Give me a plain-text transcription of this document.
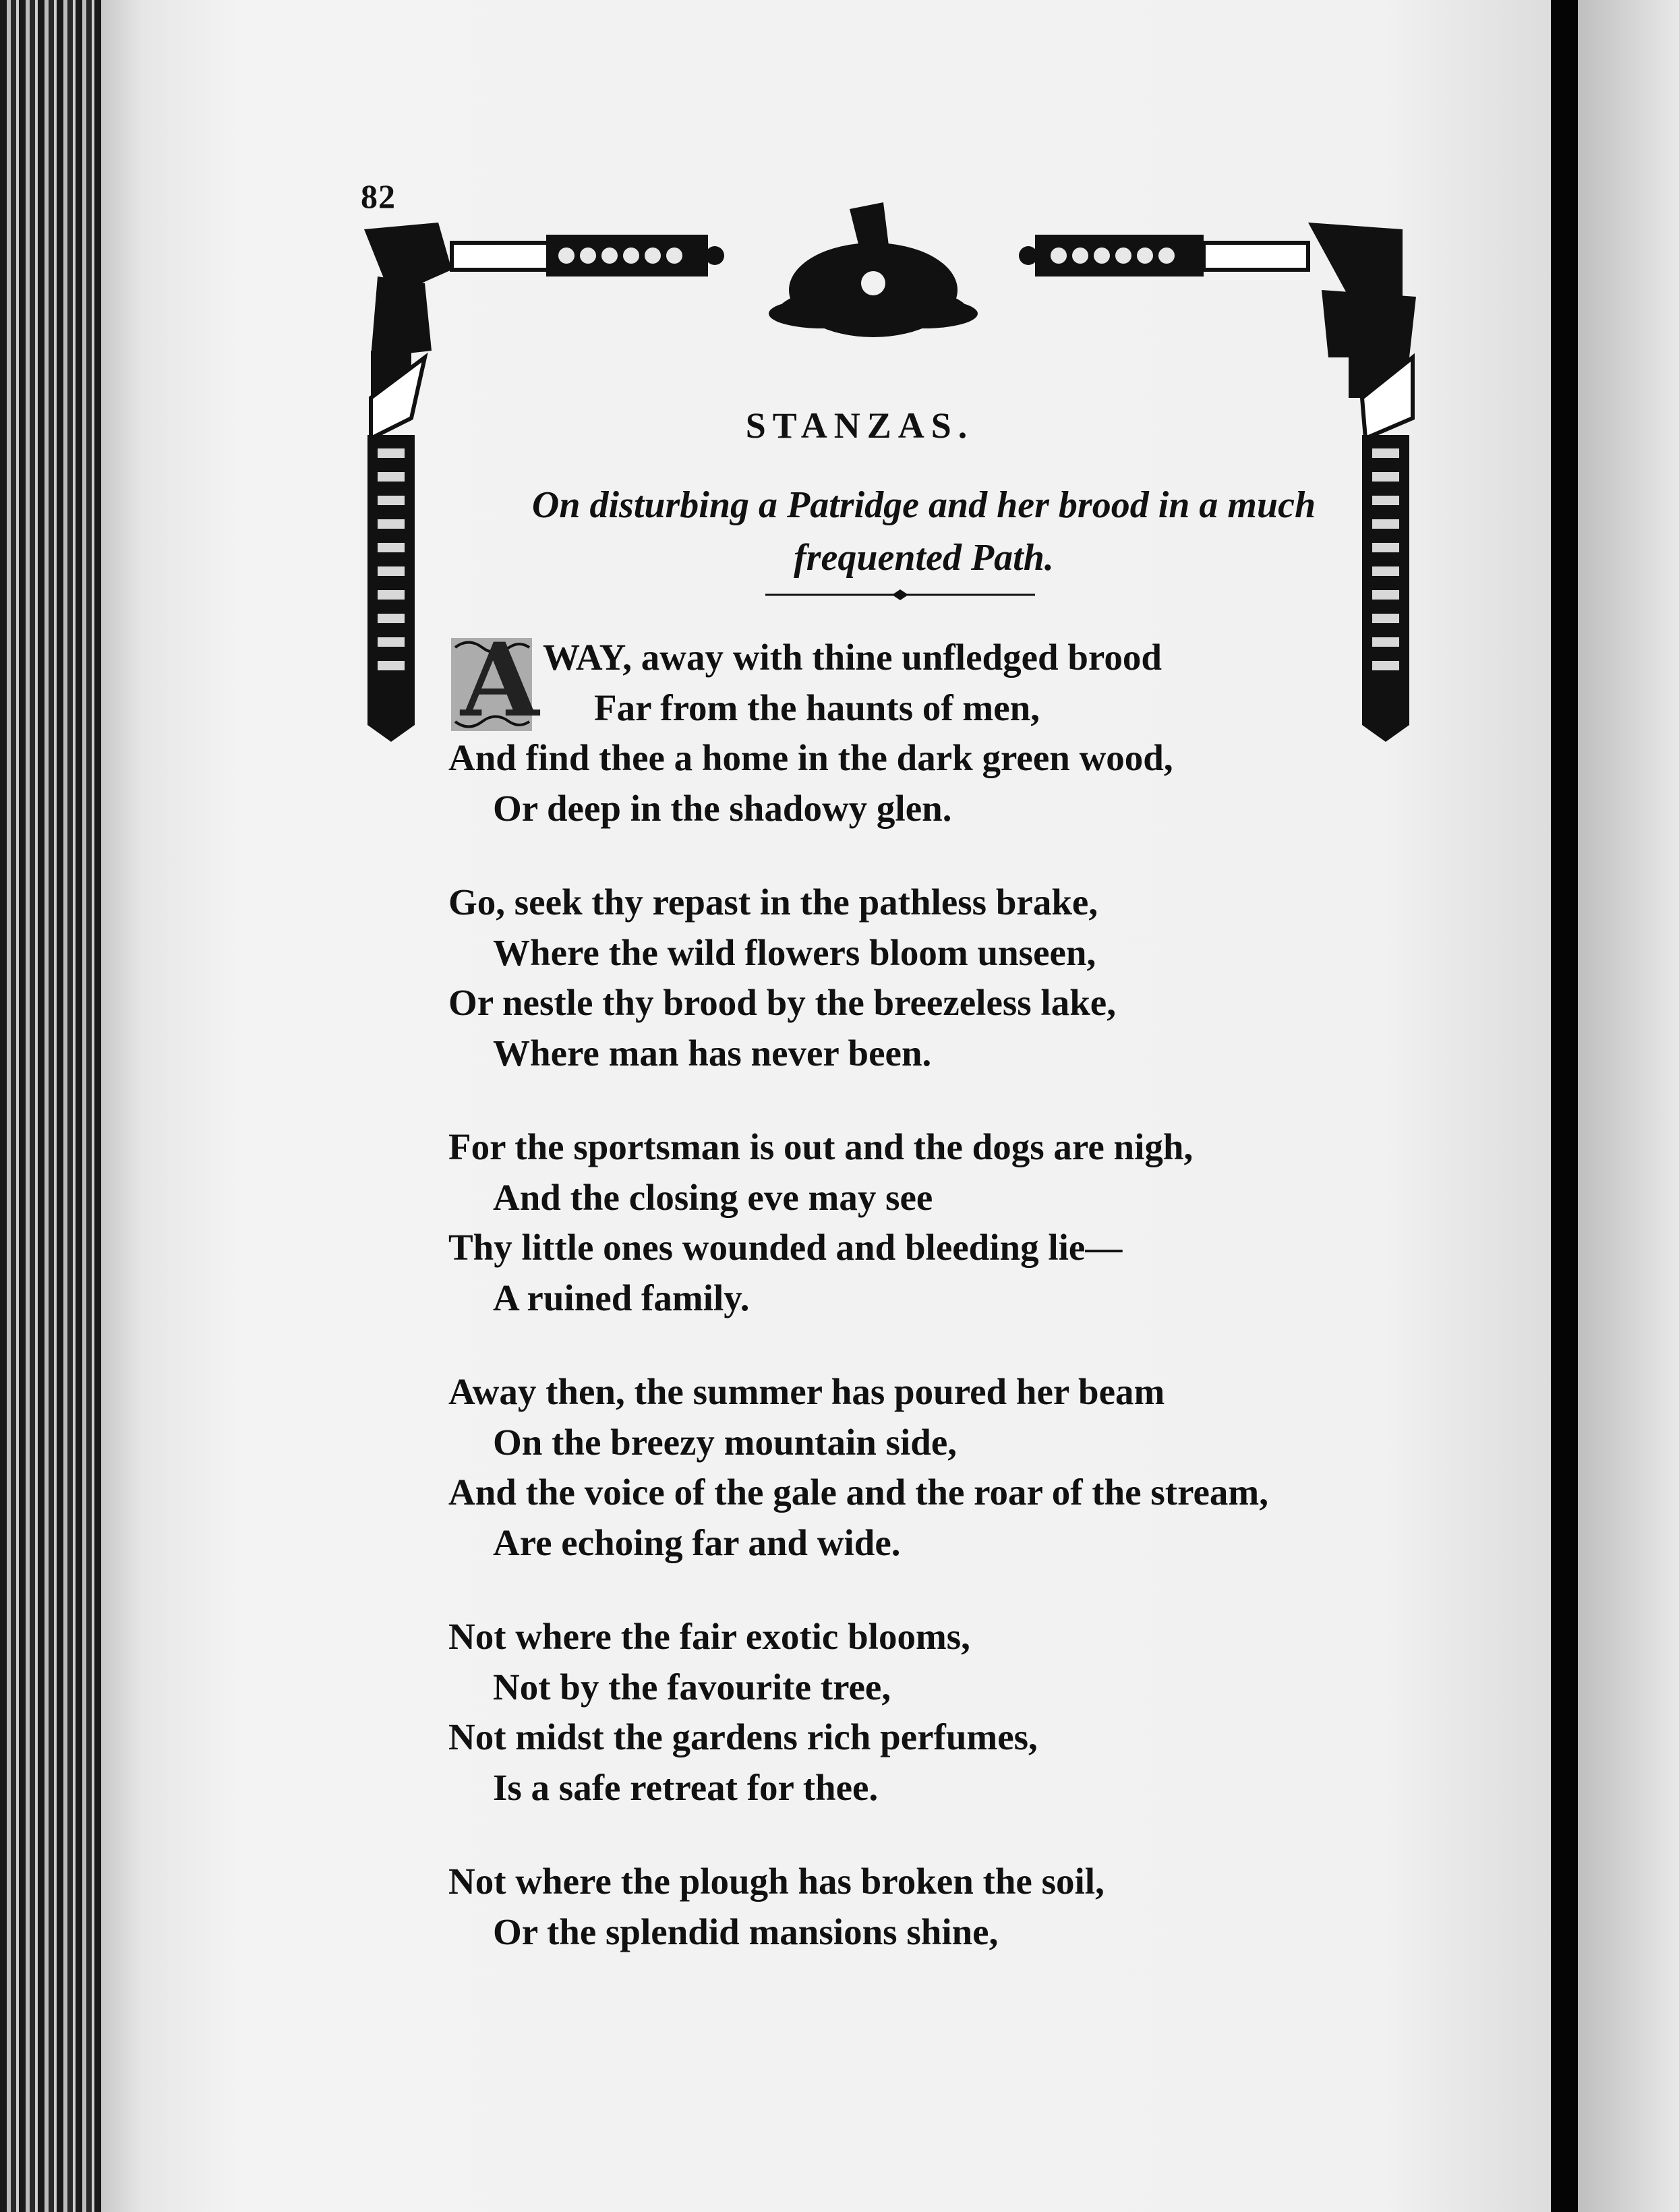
82
STANZAS.
On disturbing a Patridge and her brood in a much
frequented Path.
A WAY, away with thine unfledged brood
Far from the haunts of men,
And find thee a home in the dark green wood,
Or deep in the shadowy glen.
Go, seek thy repast in the pathless brake,
Where the wild flowers bloom unseen,
Or nestle thy brood by the breezeless lake,
Where man has never been.
For the sportsman is out and the dogs are nigh,
And the closing eve may see
Thy little ones wounded and bleeding lie—
A ruined family.
Away then, the summer has poured her beam
On the breezy mountain side,
And the voice of the gale and the roar of the stream,
Are echoing far and wide.
Not where the fair exotic blooms,
Not by the favourite tree,
Not midst the gardens rich perfumes,
Is a safe retreat for thee.
Not where the plough has broken the soil,
Or the splendid mansions shine,
